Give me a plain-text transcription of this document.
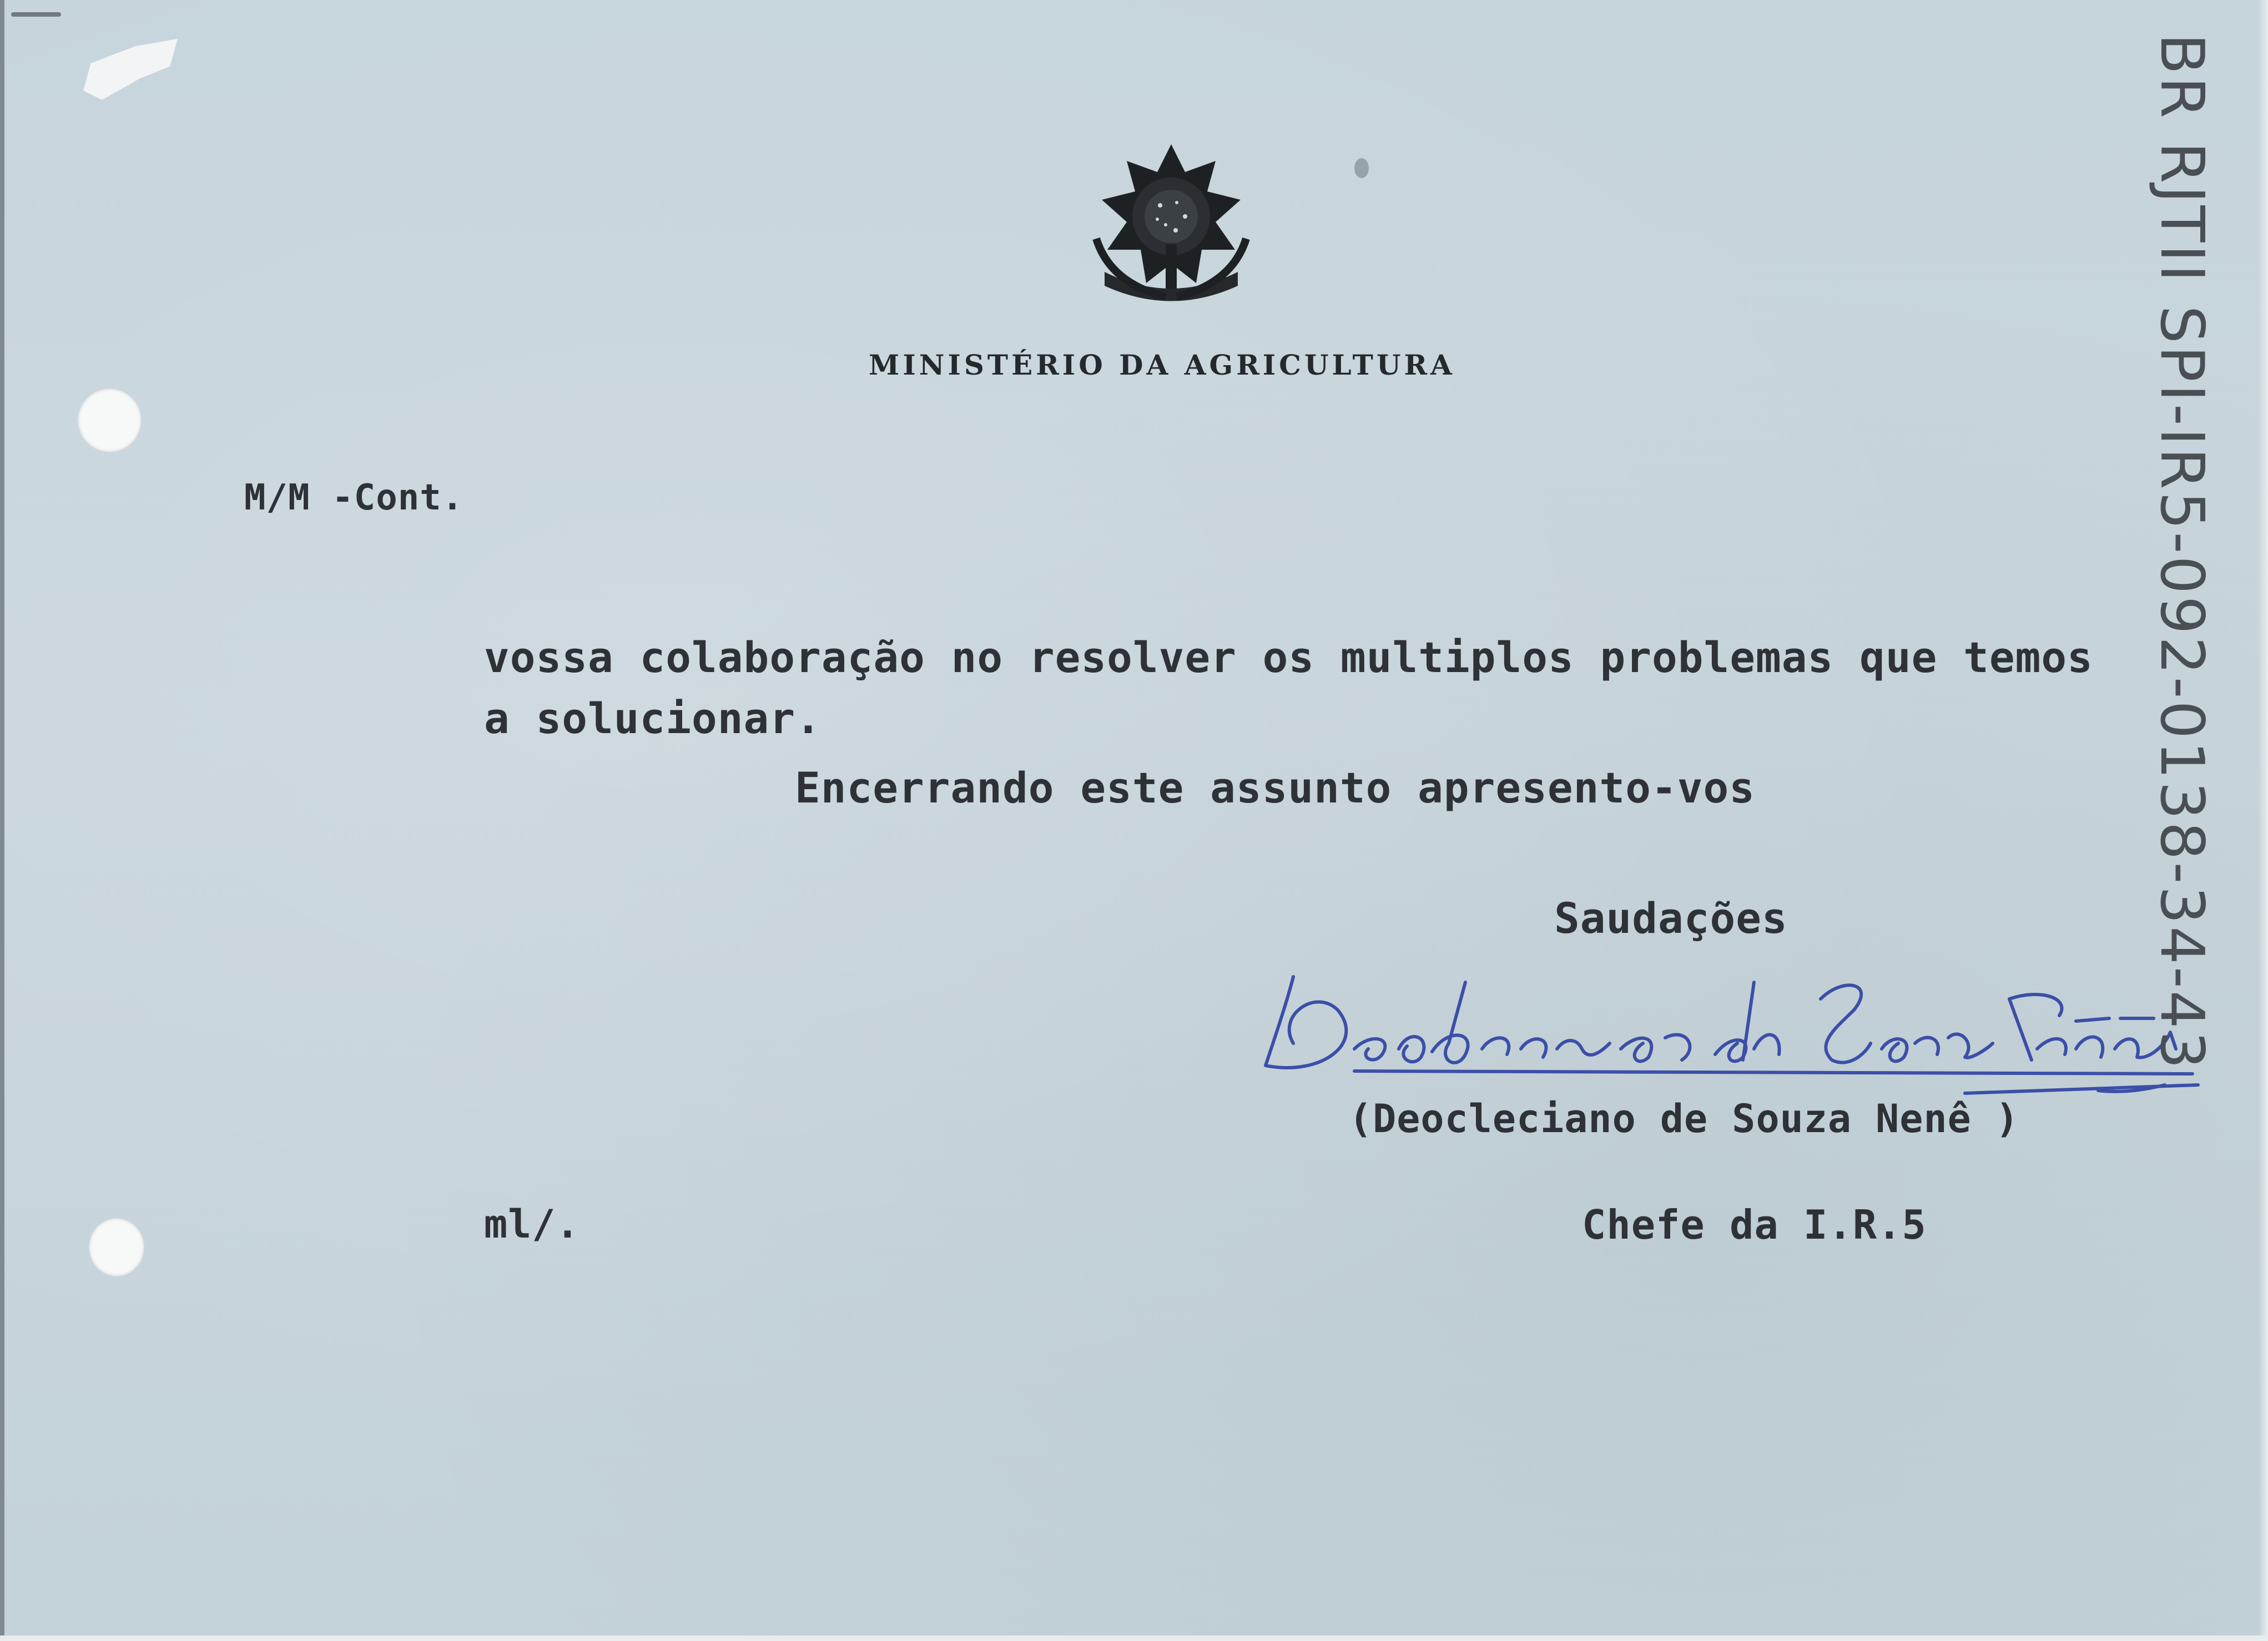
MINISTÉRIO DA AGRICULTURA
M/M -Cont.
vossa colaboração no resolver os multiplos problemas que temos
a solucionar.
Encerrando este assunto apresento-vos
Saudações
(Deocleciano de Souza Nenê )
ml/.	Chefe da I.R.5
BR RJTII SPI-IR5-092-0138-34-43
